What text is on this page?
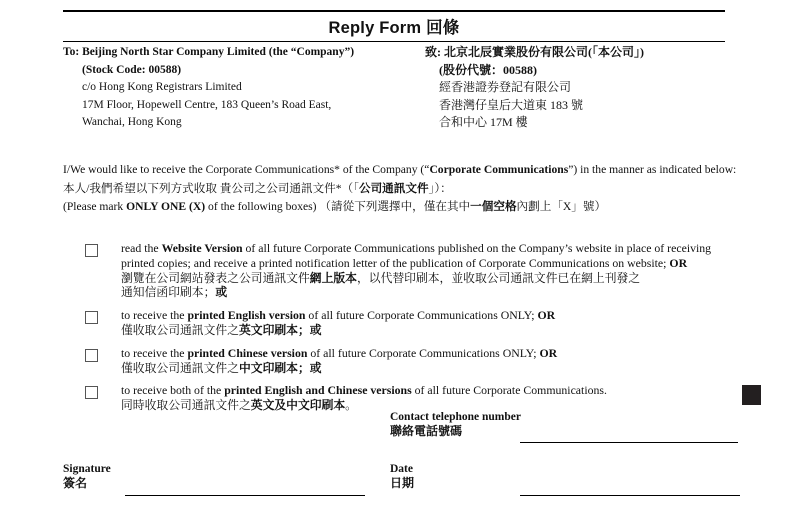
Reply Form 回條
To: Beijing North Star Company Limited (the “Company”)
(Stock Code: 00588)
c/o Hong Kong Registrars Limited
17M Floor, Hopewell Centre, 183 Queen’s Road East,
Wanchai, Hong Kong
致: 北京北辰實業股份有限公司(「本公司」)
(股份代號：00588)
經香港證券登記有限公司
香港灣仔皇后大道東 183 號
合和中心 17M 樓
I/We would like to receive the Corporate Communications* of the Company (“Corporate Communications”) in the manner as indicated below:
本人/我們希望以下列方式收取 貴公司之公司通訊文件*（「公司通訊文件」）：
(Please mark ONLY ONE (X) of the following boxes) （請從下列選擇中，僅在其中一個空格內劃上「X」號）
read the Website Version of all future Corporate Communications published on the Company’s website in place of receiving
printed copies; and receive a printed notification letter of the publication of Corporate Communications on website; OR
瀏覽在公司網站發表之公司通訊文件網上版本，以代替印刷本，並收取公司通訊文件已在網上刊發之
通知信函印刷本；或
to receive the printed English version of all future Corporate Communications ONLY; OR
僅收取公司通訊文件之英文印刷本；或
to receive the printed Chinese version of all future Corporate Communications ONLY; OR
僅收取公司通訊文件之中文印刷本；或
to receive both of the printed English and Chinese versions of all future Corporate Communications.
同時收取公司通訊文件之英文及中文印刷本。
Contact telephone number
聯絡電話號碼
Signature
簽名
Date
日期
